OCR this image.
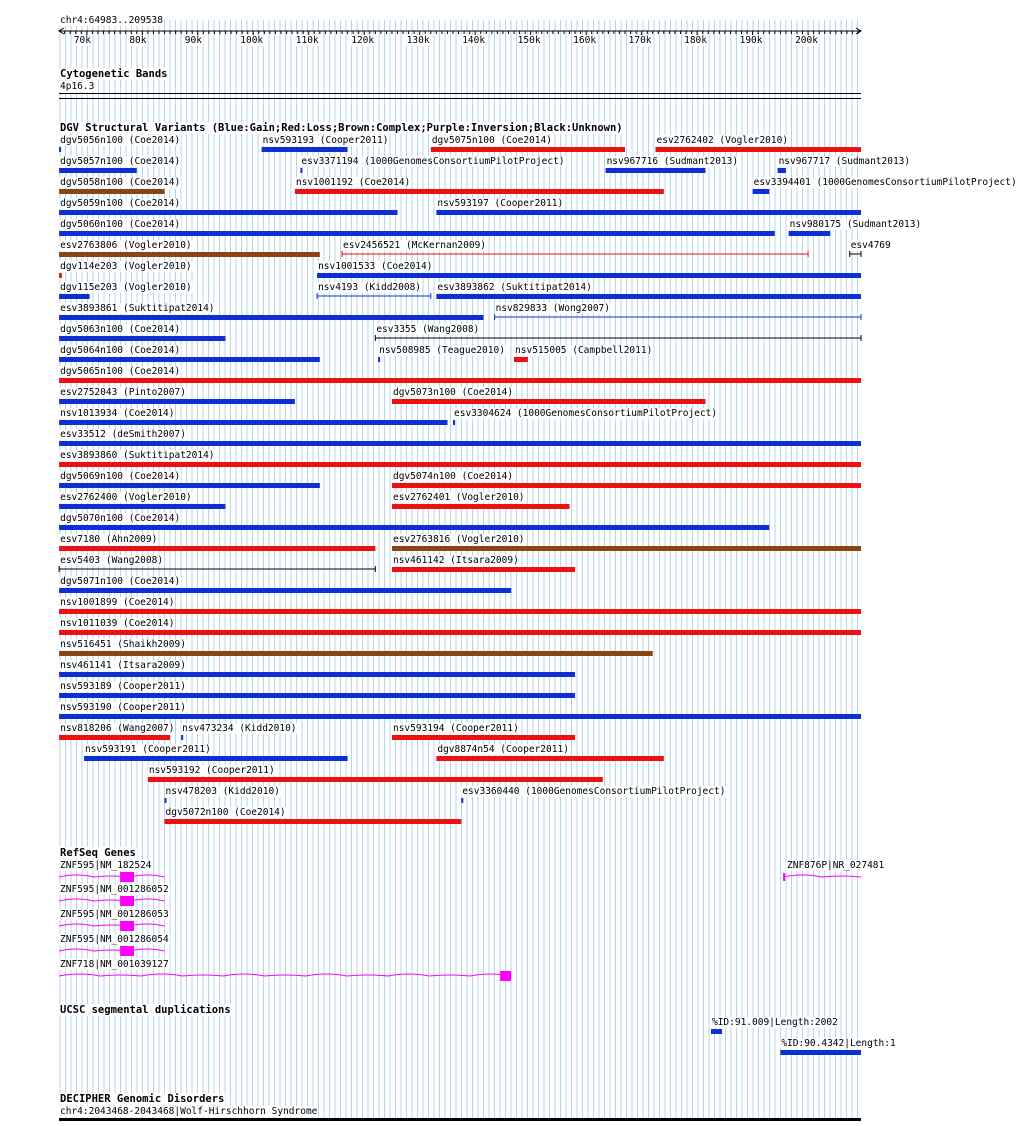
chr4:64983..209538
Cytogenetic Bands
4p16.3
DGV Structural Variants (Blue:Gain;Red:Loss;Brown:Complex;Purple:Inversion;Black:Unknown)
RefSeq Genes
UCSC segmental duplications
DECIPHER Genomic Disorders
chr4:2043468-2043468|Wolf-Hirschhorn Syndrome
70k	80k	90k	100k	110k	120k	130k	140k	150k	160k	170k	180k	190k	200k
dgv5056n100 (Coe2014)	nsv593193 (Cooper2011)	dgv5075n100 (Coe2014)	esv2762402 (Vogler2010)
dgv5057n100 (Coe2014)	esv3371194 (1000GenomesConsortiumPilotProject)	nsv967716 (Sudmant2013)	nsv967717 (Sudmant2013)
dgv5058n100 (Coe2014)	nsv1001192 (Coe2014)	esv3394401 (1000GenomesConsortiumPilotProject)
dgv5059n100 (Coe2014)	nsv593197 (Cooper2011)
dgv5060n100 (Coe2014)	nsv980175 (Sudmant2013)
esv2763806 (Vogler2010)	esv2456521 (McKernan2009)	esv4769
dgv114e203 (Vogler2010)	nsv1001533 (Coe2014)
dgv115e203 (Vogler2010)	nsv4193 (Kidd2008) esv3893862 (Suktitipat2014)
esv3893861 (Suktitipat2014)	nsv829833 (Wong2007)
dgv5063n100 (Coe2014)	esv3355 (Wang2008)
dgv5064n100 (Coe2014)	nsv508985 (Teague2010) nsv515005 (Campbell2011)
dgv5065n100 (Coe2014)
esv2752043 (Pinto2007)	dgv5073n100 (Coe2014)
nsv1013934 (Coe2014)	esv3304624 (1000GenomesConsortiumPilotProject)
esv33512 (deSmith2007)
esv3893860 (Suktitipat2014)
dgv5069n100 (Coe2014)	dgv5074n100 (Coe2014)
esv2762400 (Vogler2010)	esv2762401 (Vogler2010)
dgv5070n100 (Coe2014)
esv7180 (Ahn2009)	esv2763816 (Vogler2010)
esv5403 (Wang2008)	nsv461142 (Itsara2009)
dgv5071n100 (Coe2014)
nsv1001899 (Coe2014)
nsv1011039 (Coe2014)
nsv516451 (Shaikh2009)
nsv461141 (Itsara2009)
nsv593189 (Cooper2011)
nsv593190 (Cooper2011)
nsv818206 (Wang2007) nsv473234 (Kidd2010)	nsv593194 (Cooper2011)
nsv593191 (Cooper2011)	dgv8874n54 (Cooper2011)
nsv593192 (Cooper2011)
nsv478203 (Kidd2010)	esv3360440 (1000GenomesConsortiumPilotProject)
dgv5072n100 (Coe2014)
ZNF595|NM_182524	ZNF876P|NR_027481
ZNF595|NM_001286052
ZNF595|NM_001286053
ZNF595|NM_001286054
ZNF718|NM_001039127
%ID:91.009|Length:2002
%ID:90.4342|Length:1
